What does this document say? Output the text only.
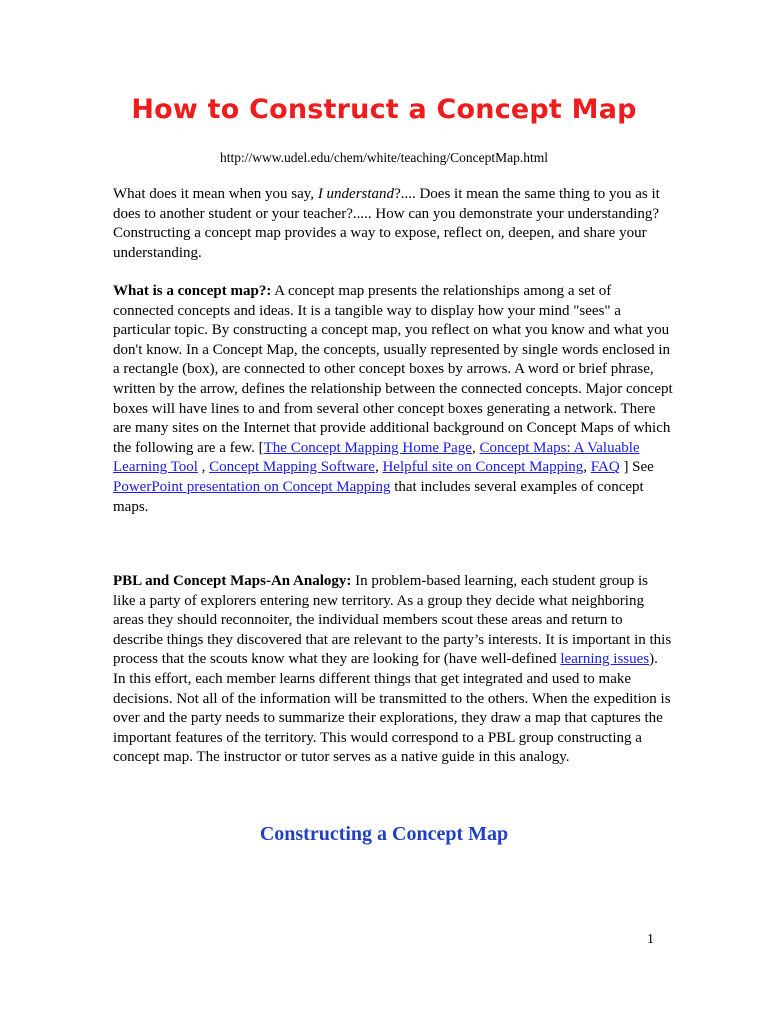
How to Construct a Concept Map

http://www.udel.edu/chem/white/teaching/ConceptMap.html

What does it mean when you say, I understand?.... Does it mean the same thing to you as it does to another student or your teacher?..... How can you demonstrate your understanding? Constructing a concept map provides a way to expose, reflect on, deepen, and share your understanding.

What is a concept map?: A concept map presents the relationships among a set of connected concepts and ideas. It is a tangible way to display how your mind "sees" a particular topic. By constructing a concept map, you reflect on what you know and what you don't know. In a Concept Map, the concepts, usually represented by single words enclosed in a rectangle (box), are connected to other concept boxes by arrows. A word or brief phrase, written by the arrow, defines the relationship between the connected concepts. Major concept boxes will have lines to and from several other concept boxes generating a network. There are many sites on the Internet that provide additional background on Concept Maps of which the following are a few. [The Concept Mapping Home Page, Concept Maps: A Valuable Learning Tool , Concept Mapping Software, Helpful site on Concept Mapping, FAQ ] See PowerPoint presentation on Concept Mapping that includes several examples of concept maps.

PBL and Concept Maps-An Analogy: In problem-based learning, each student group is like a party of explorers entering new territory. As a group they decide what neighboring areas they should reconnoiter, the individual members scout these areas and return to describe things they discovered that are relevant to the party’s interests. It is important in this process that the scouts know what they are looking for (have well-defined learning issues). In this effort, each member learns different things that get integrated and used to make decisions. Not all of the information will be transmitted to the others. When the expedition is over and the party needs to summarize their explorations, they draw a map that captures the important features of the territory. This would correspond to a PBL group constructing a concept map. The instructor or tutor serves as a native guide in this analogy.

Constructing a Concept Map

1
